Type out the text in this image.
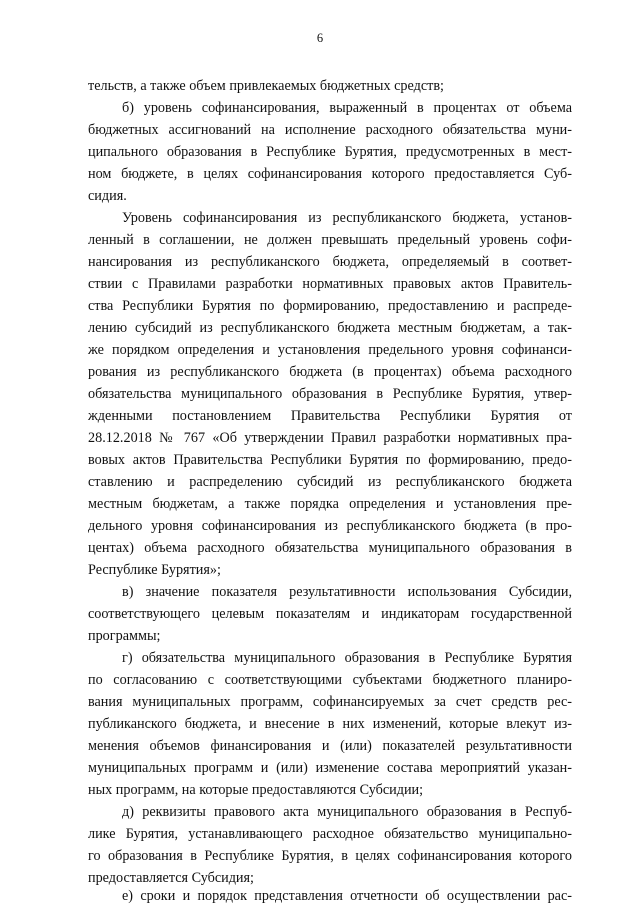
6
тельств, а также объем привлекаемых бюджетных средств;
б) уровень софинансирования, выраженный в процентах от объема
бюджетных ассигнований на исполнение расходного обязательства муни-
ципального образования в Республике Бурятия, предусмотренных в мест-
ном бюджете, в целях софинансирования которого предоставляется Суб-
сидия.
Уровень софинансирования из республиканского бюджета, установ-
ленный в соглашении, не должен превышать предельный уровень софи-
нансирования из республиканского бюджета, определяемый в соответ-
ствии с Правилами разработки нормативных правовых актов Правитель-
ства Республики Бурятия по формированию, предоставлению и распреде-
лению субсидий из республиканского бюджета местным бюджетам, а так-
же порядком определения и установления предельного уровня софинанси-
рования из республиканского бюджета (в процентах) объема расходного
обязательства муниципального образования в Республике Бурятия, утвер-
жденными постановлением Правительства Республики Бурятия от
28.12.2018 № 767 «Об утверждении Правил разработки нормативных пра-
вовых актов Правительства Республики Бурятия по формированию, предо-
ставлению и распределению субсидий из республиканского бюджета
местным бюджетам, а также порядка определения и установления пре-
дельного уровня софинансирования из республиканского бюджета (в про-
центах) объема расходного обязательства муниципального образования в
Республике Бурятия»;
в) значение показателя результативности использования Субсидии,
соответствующего целевым показателям и индикаторам государственной
программы;
г) обязательства муниципального образования в Республике Бурятия
по согласованию с соответствующими субъектами бюджетного планиро-
вания муниципальных программ, софинансируемых за счет средств рес-
публиканского бюджета, и внесение в них изменений, которые влекут из-
менения объемов финансирования и (или) показателей результативности
муниципальных программ и (или) изменение состава мероприятий указан-
ных программ, на которые предоставляются Субсидии;
д) реквизиты правового акта муниципального образования в Респуб-
лике Бурятия, устанавливающего расходное обязательство муниципально-
го образования в Республике Бурятия, в целях софинансирования которого
предоставляется Субсидия;
е) сроки и порядок представления отчетности об осуществлении рас-
